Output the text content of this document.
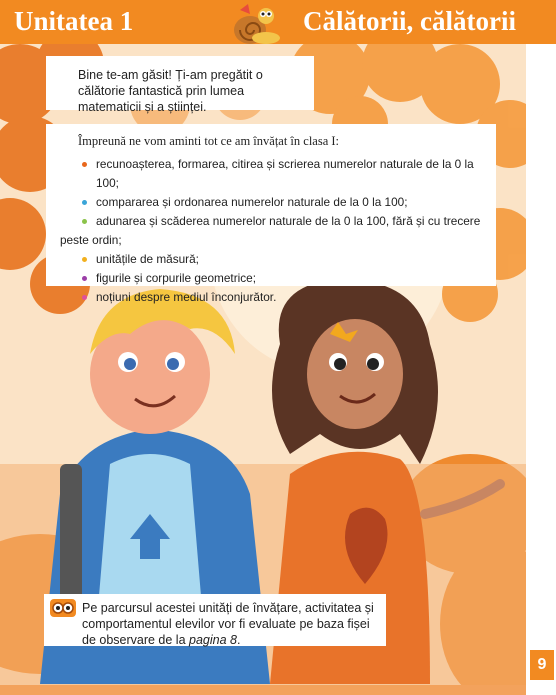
Unitatea 1	Călătorii, călătorii
Bine te-am găsit! Ți-am pregătit o călătorie fantastică prin lumea matematicii și a științei.
Împreună ne vom aminti tot ce am învățat în clasa I:
recunoașterea, formarea, citirea și scrierea numerelor naturale de la 0 la 100;
compararea și ordonarea numerelor naturale de la 0 la 100;
adunarea și scăderea numerelor naturale de la 0 la 100, fără și cu trecere peste ordin;
unitățile de măsură;
figurile și corpurile geometrice;
noțiuni despre mediul înconjurător.
Pe parcursul acestei unități de învățare, activitatea și comportamentul elevilor vor fi evaluate pe baza fișei de observare de la pagina 8.
9
